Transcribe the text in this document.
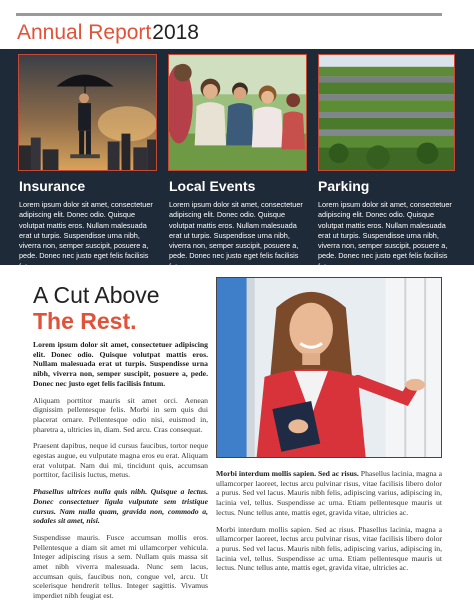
Annual Report2018
Insurance

Lorem ipsum dolor sit amet, consectetuer adipiscing elit. Donec odio. Quisque volutpat mattis eros. Nullam malesuada erat ut turpis. Suspendisse urna nibh, viverra non, semper suscipit, posuere a, pede. Donec nec justo eget felis facilisis fntum.

Local Events

Lorem ipsum dolor sit amet, consectetuer adipiscing elit. Donec odio. Quisque volutpat mattis eros. Nullam malesuada erat ut turpis. Suspendisse urna nibh, viverra non, semper suscipit, posuere a, pede. Donec nec justo eget felis facilisis fntum.

Parking

Lorem ipsum dolor sit amet, consectetuer adipiscing elit. Donec odio. Quisque volutpat mattis eros. Nullam malesuada erat ut turpis. Suspendisse urna nibh, viverra non, semper suscipit, posuere a, pede. Donec nec justo eget felis facilisis fntum.

A Cut Above
The Rest.

Lorem ipsum dolor sit amet, consectetuer adipiscing elit. Donec odio. Quisque volutpat mattis eros. Nullam malesuada erat ut turpis. Suspendisse urna nibh, viverra non, semper suscipit, posuere a, pede. Donec nec justo eget felis facilisis fntum.

Aliquam porttitor mauris sit amet orci. Aenean dignissim pellentesque felis. Morbi in sem quis dui placerat ornare. Pellentesque odio nisi, euismod in, pharetra a, ultricies in, diam. Sed arcu. Cras consequat.

Praesent dapibus, neque id cursus faucibus, tortor neque egestas augue, eu vulputate magna eros eu erat. Aliquam erat volutpat. Nam dui mi, tincidunt quis, accumsan porttitor, facilisis luctus, metus.

Phasellus ultrices nulla quis nibh. Quisque a lectus. Donec consectetuer ligula vulputate sem tristique cursus. Nam nulla quam, gravida non, commodo a, sodales sit amet, nisi.

Suspendisse mauris. Fusce accumsan mollis eros. Pellentesque a diam sit amet mi ullamcorper vehicula. Integer adipiscing risus a sem. Nullam quis massa sit amet nibh viverra malesuada. Nunc sem lacus, accumsan quis, faucibus non, congue vel, arcu. Ut scelerisque hendrerit tellus. Integer sagittis. Vivamus imperdiet nibh feugiat est.

Morbi interdum mollis sapien. Sed ac risus. Phasellus lacinia, magna a ullamcorper laoreet, lectus arcu pulvinar risus, vitae facilisis libero dolor a purus. Sed vel lacus. Mauris nibh felis, adipiscing varius, adipiscing in, lacinia vel, tellus. Suspendisse ac urna. Etiam pellentesque mauris ut lectus. Nunc tellus ante, mattis eget, gravida vitae, ultricies ac.

Morbi interdum mollis sapien. Sed ac risus. Phasellus lacinia, magna a ullamcorper laoreet, lectus arcu pulvinar risus, vitae facilisis libero dolor a purus. Sed vel lacus. Mauris nibh felis, adipiscing varius, adipiscing in, lacinia vel, tellus. Suspendisse ac urna. Etiam pellentesque mauris ut lectus. Nunc tellus ante, mattis eget, gravida vitae, ultricies ac.
